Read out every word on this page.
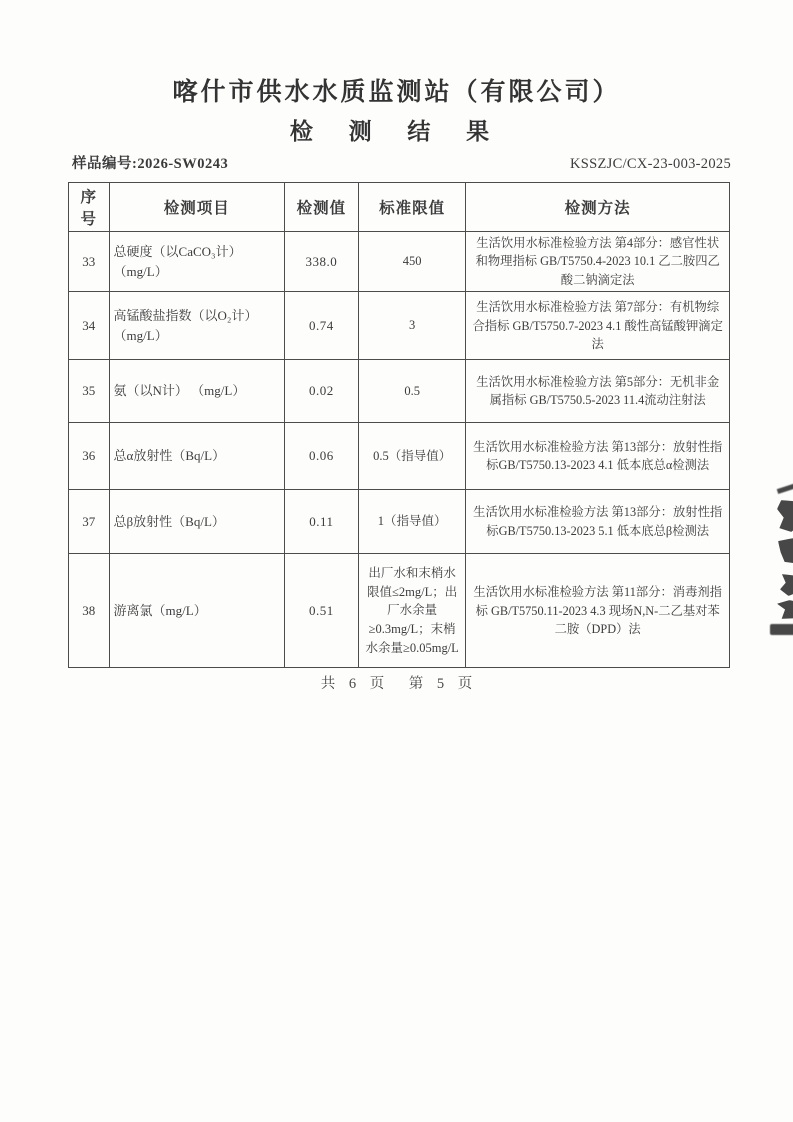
喀什市供水水质监测站（有限公司）
检 测 结 果
样品编号:2026-SW0243	KSSZJC/CX-23-003-2025
序号	检测项目	检测值	标准限值	检测方法
33	总硬度（以CaCO₃计）（mg/L）	338.0	450	生活饮用水标准检验方法 第4部分：感官性状和物理指标 GB/T5750.4-2023 10.1 乙二胺四乙酸二钠滴定法
34	高锰酸盐指数（以O₂计）（mg/L）	0.74	3	生活饮用水标准检验方法 第7部分：有机物综合指标 GB/T5750.7-2023 4.1 酸性高锰酸钾滴定法
35	氨（以N计） （mg/L）	0.02	0.5	生活饮用水标准检验方法 第5部分：无机非金属指标 GB/T5750.5-2023 11.4流动注射法
36	总α放射性（Bq/L）	0.06	0.5（指导值）	生活饮用水标准检验方法 第13部分：放射性指标GB/T5750.13-2023 4.1 低本底总α检测法
37	总β放射性（Bq/L）	0.11	1（指导值）	生活饮用水标准检验方法 第13部分：放射性指标GB/T5750.13-2023 5.1 低本底总β检测法
38	游离氯（mg/L）	0.51	出厂水和末梢水限值≤2mg/L；出厂水余量≥0.3mg/L；末梢水余量≥0.05mg/L	生活饮用水标准检验方法 第11部分：消毒剂指标 GB/T5750.11-2023 4.3 现场N,N-二乙基对苯二胺（DPD）法
共 6 页　第 5 页
